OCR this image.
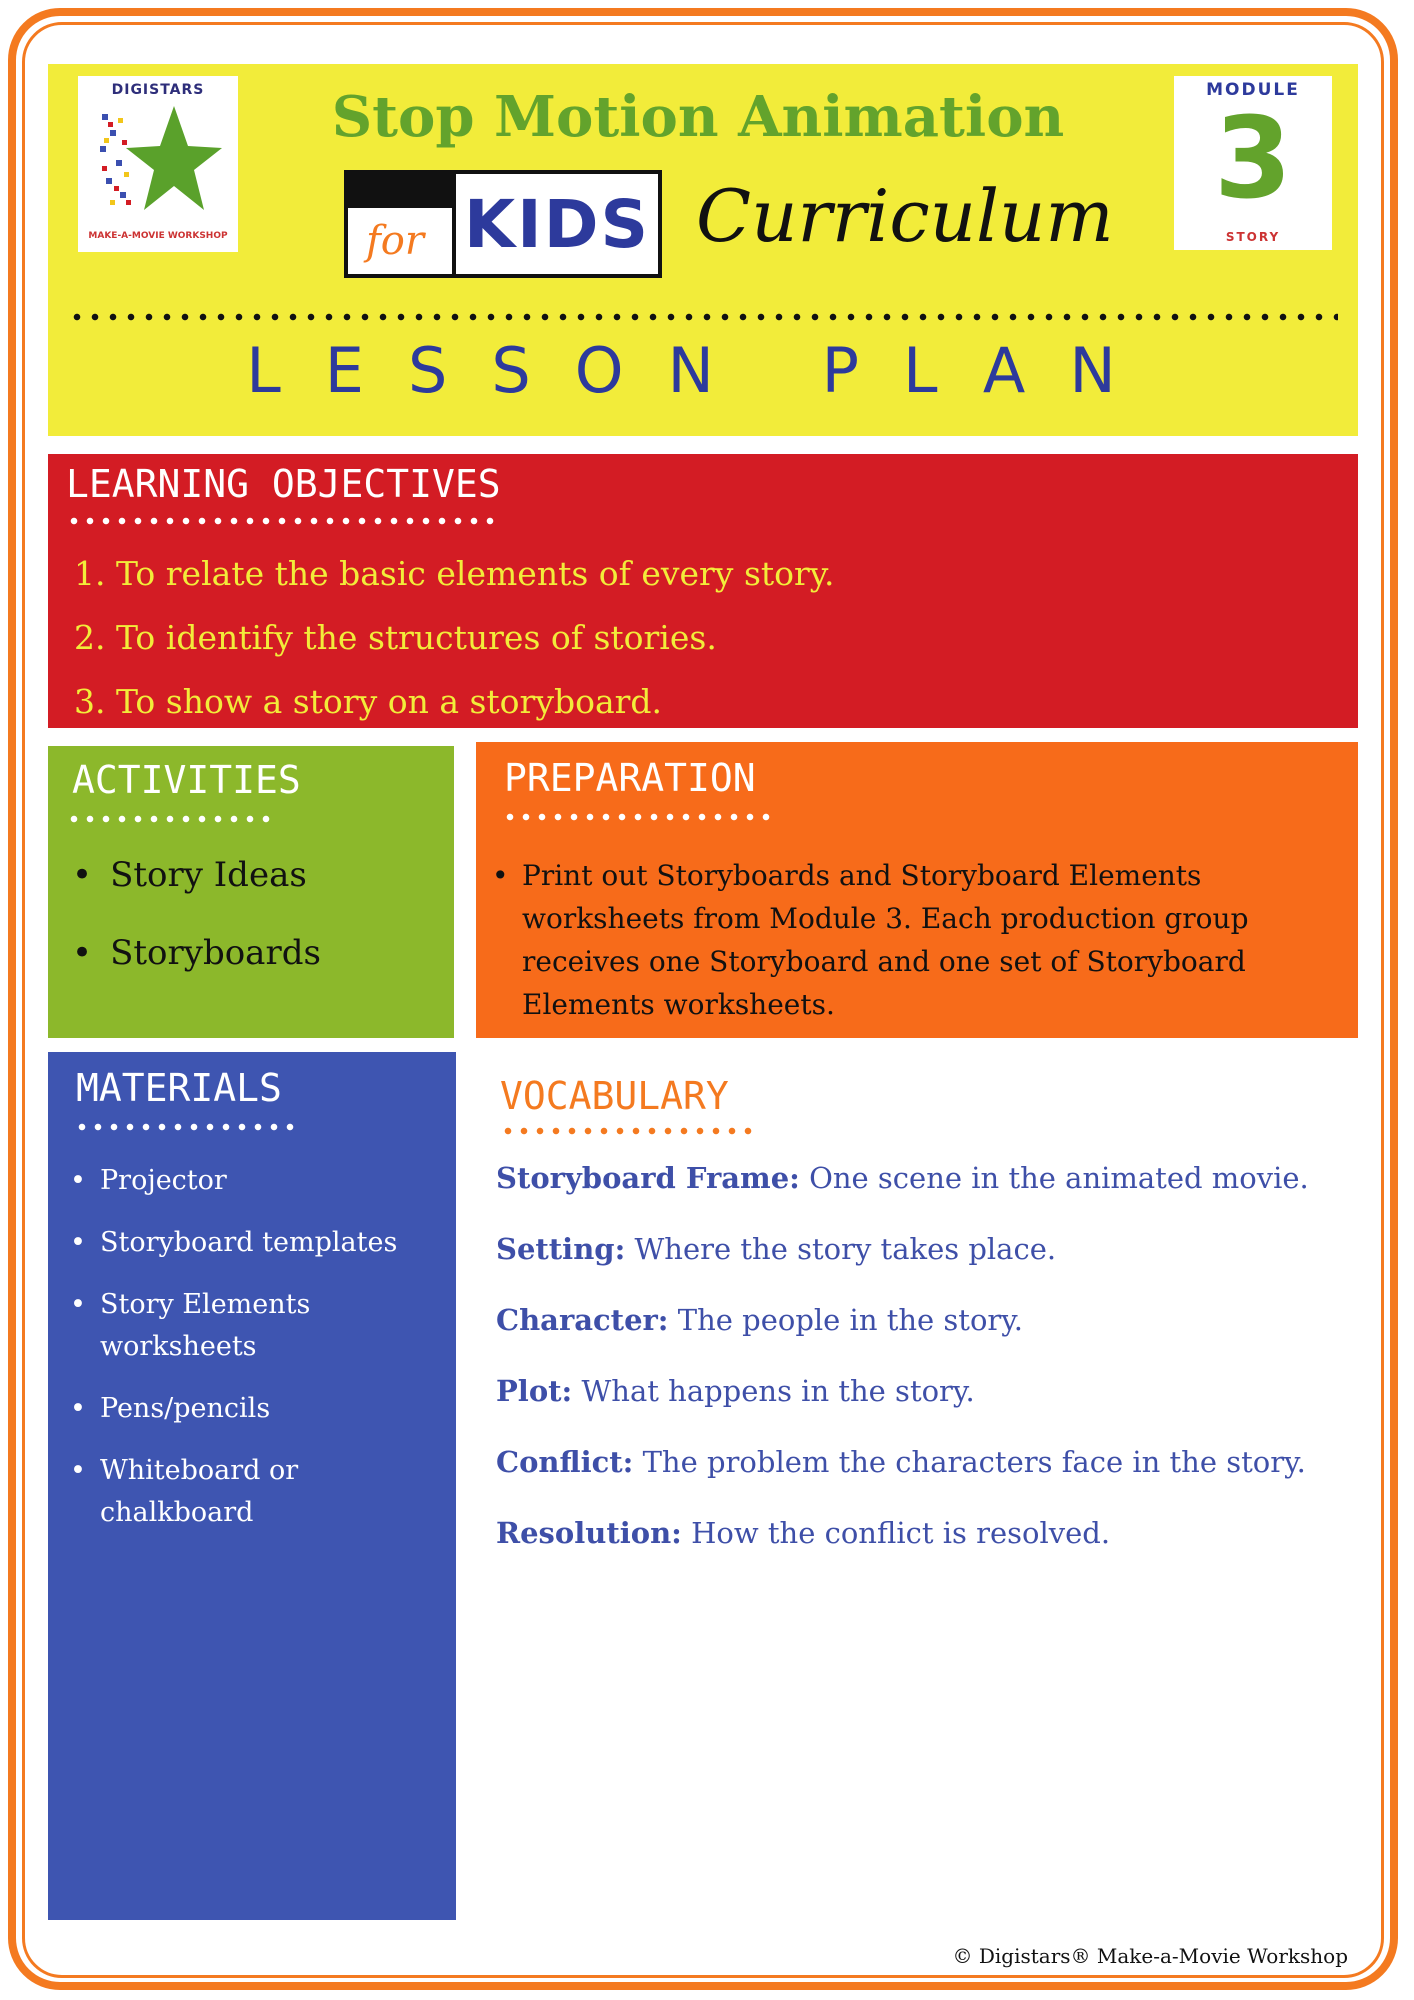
DIGISTARS
MAKE-A-MOVIE WORKSHOP
Stop Motion Animation
for KIDS Curriculum
MODULE
3
STORY
LESSON PLAN
LEARNING OBJECTIVES
1. To relate the basic elements of every story.
2. To identify the structures of stories.
3. To show a story on a storyboard.
ACTIVITIES
• Story Ideas
• Storyboards
PREPARATION
• Print out Storyboards and Storyboard Elements worksheets from Module 3. Each production group receives one Storyboard and one set of Storyboard Elements worksheets.
MATERIALS
• Projector
• Storyboard templates
• Story Elements worksheets
• Pens/pencils
• Whiteboard or chalkboard
VOCABULARY
Storyboard Frame: One scene in the animated movie.
Setting: Where the story takes place.
Character: The people in the story.
Plot: What happens in the story.
Conflict: The problem the characters face in the story.
Resolution: How the conflict is resolved.
© Digistars® Make-a-Movie Workshop
